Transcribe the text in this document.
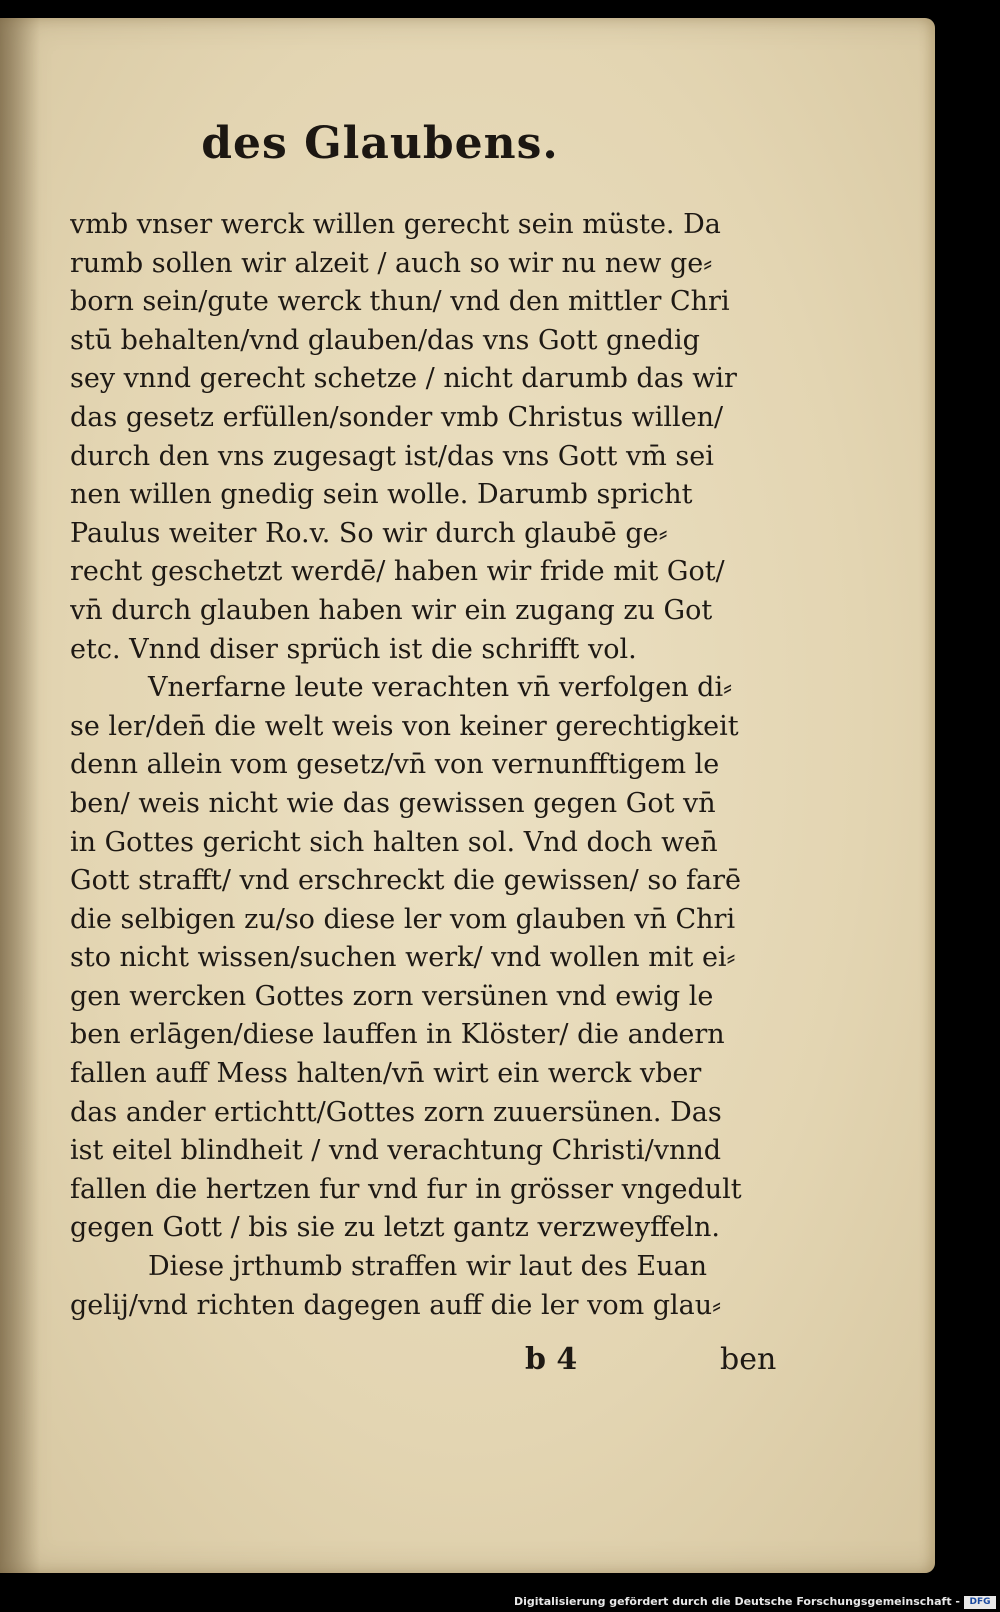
des Glaubens.
vmb vnser werck willen gerecht sein müste. Da
rumb sollen wir alzeit / auch so wir nu new ge⸗
born sein/gute werck thun/ vnd den mittler Chri
stū behalten/vnd glauben/das vns Gott gnedig
sey vnnd gerecht schetze / nicht darumb das wir
das gesetz erfüllen/sonder vmb Christus willen/
durch den vns zugesagt ist/das vns Gott vm̄ sei
nen willen gnedig sein wolle. Darumb spricht
Paulus weiter Ro.v. So wir durch glaubē ge⸗
recht geschetzt werdē/ haben wir fride mit Got/
vn̄ durch glauben haben wir ein zugang zu Got
etc. Vnnd diser sprüch ist die schrifft vol.
Vnerfarne leute verachten vn̄ verfolgen di⸗
se ler/den̄ die welt weis von keiner gerechtigkeit
denn allein vom gesetz/vn̄ von vernunfftigem le
ben/ weis nicht wie das gewissen gegen Got vn̄
in Gottes gericht sich halten sol. Vnd doch wen̄
Gott strafft/ vnd erschreckt die gewissen/ so farē
die selbigen zu/so diese ler vom glauben vn̄ Chri
sto nicht wissen/suchen werk/ vnd wollen mit ei⸗
gen wercken Gottes zorn versünen vnd ewig le
ben erlāgen/diese lauffen in Klöster/ die andern
fallen auff Mess halten/vn̄ wirt ein werck vber
das ander ertichtt/Gottes zorn zuuersünen. Das
ist eitel blindheit / vnd verachtung Christi/vnnd
fallen die hertzen fur vnd fur in grösser vngedult
gegen Gott / bis sie zu letzt gantz verzweyffeln.
Diese jrthumb straffen wir laut des Euan
gelij/vnd richten dagegen auff die ler vom glau⸗
b 4	ben
Digitalisierung gefördert durch die Deutsche Forschungsgemeinschaft -	DFG
